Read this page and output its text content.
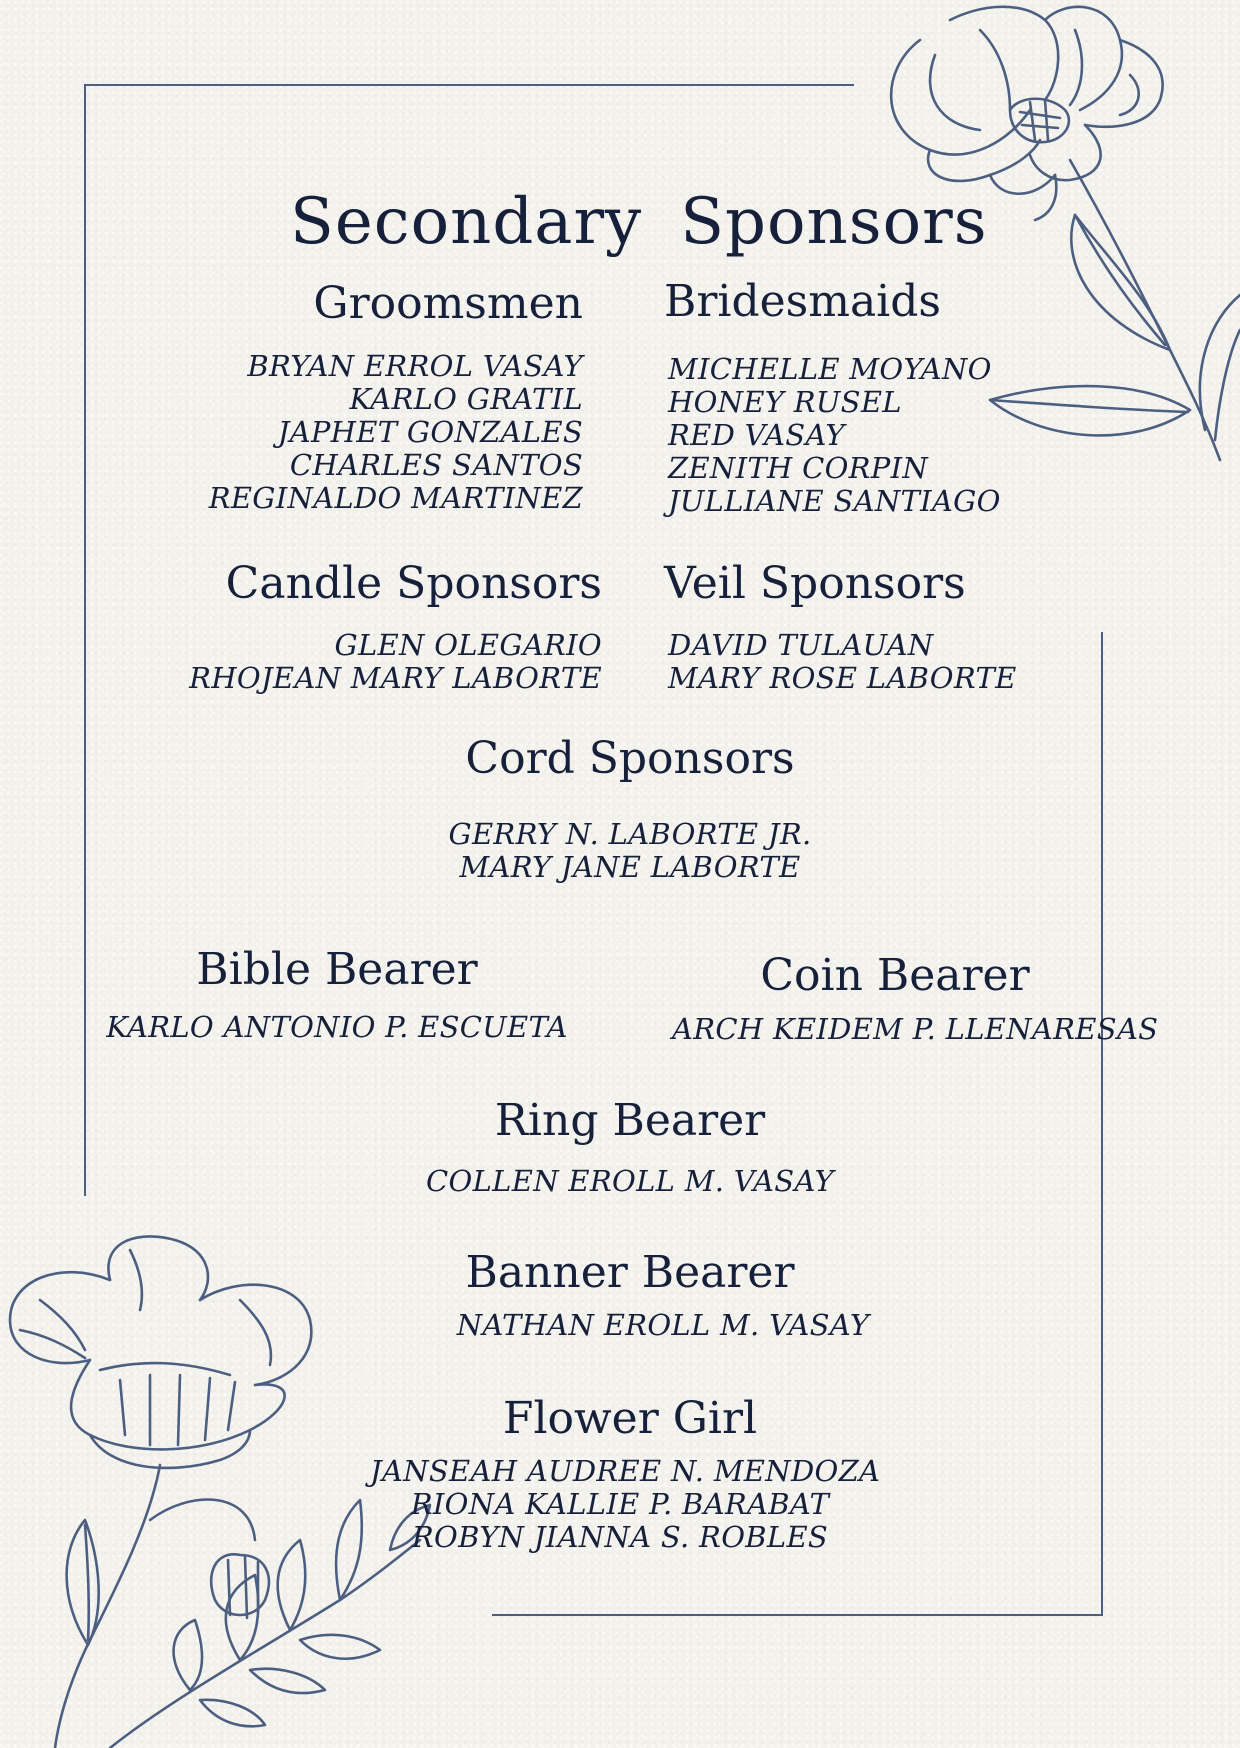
Secondary Sponsors
Groomsmen
BRYAN ERROL VASAY
KARLO GRATIL
JAPHET GONZALES
CHARLES SANTOS
REGINALDO MARTINEZ
Bridesmaids
MICHELLE MOYANO
HONEY RUSEL
RED VASAY
ZENITH CORPIN
JULLIANE SANTIAGO
Candle Sponsors
GLEN OLEGARIO
RHOJEAN MARY LABORTE
Veil Sponsors
DAVID TULAUAN
MARY ROSE LABORTE
Cord Sponsors
GERRY N. LABORTE JR.
MARY JANE LABORTE
Bible Bearer
KARLO ANTONIO P. ESCUETA
Coin Bearer
ARCH KEIDEM P. LLENARESAS
Ring Bearer
COLLEN EROLL M. VASAY
Banner Bearer
NATHAN EROLL M. VASAY
Flower Girl
JANSEAH AUDREE N. MENDOZA
RIONA KALLIE P. BARABAT
ROBYN JIANNA S. ROBLES
